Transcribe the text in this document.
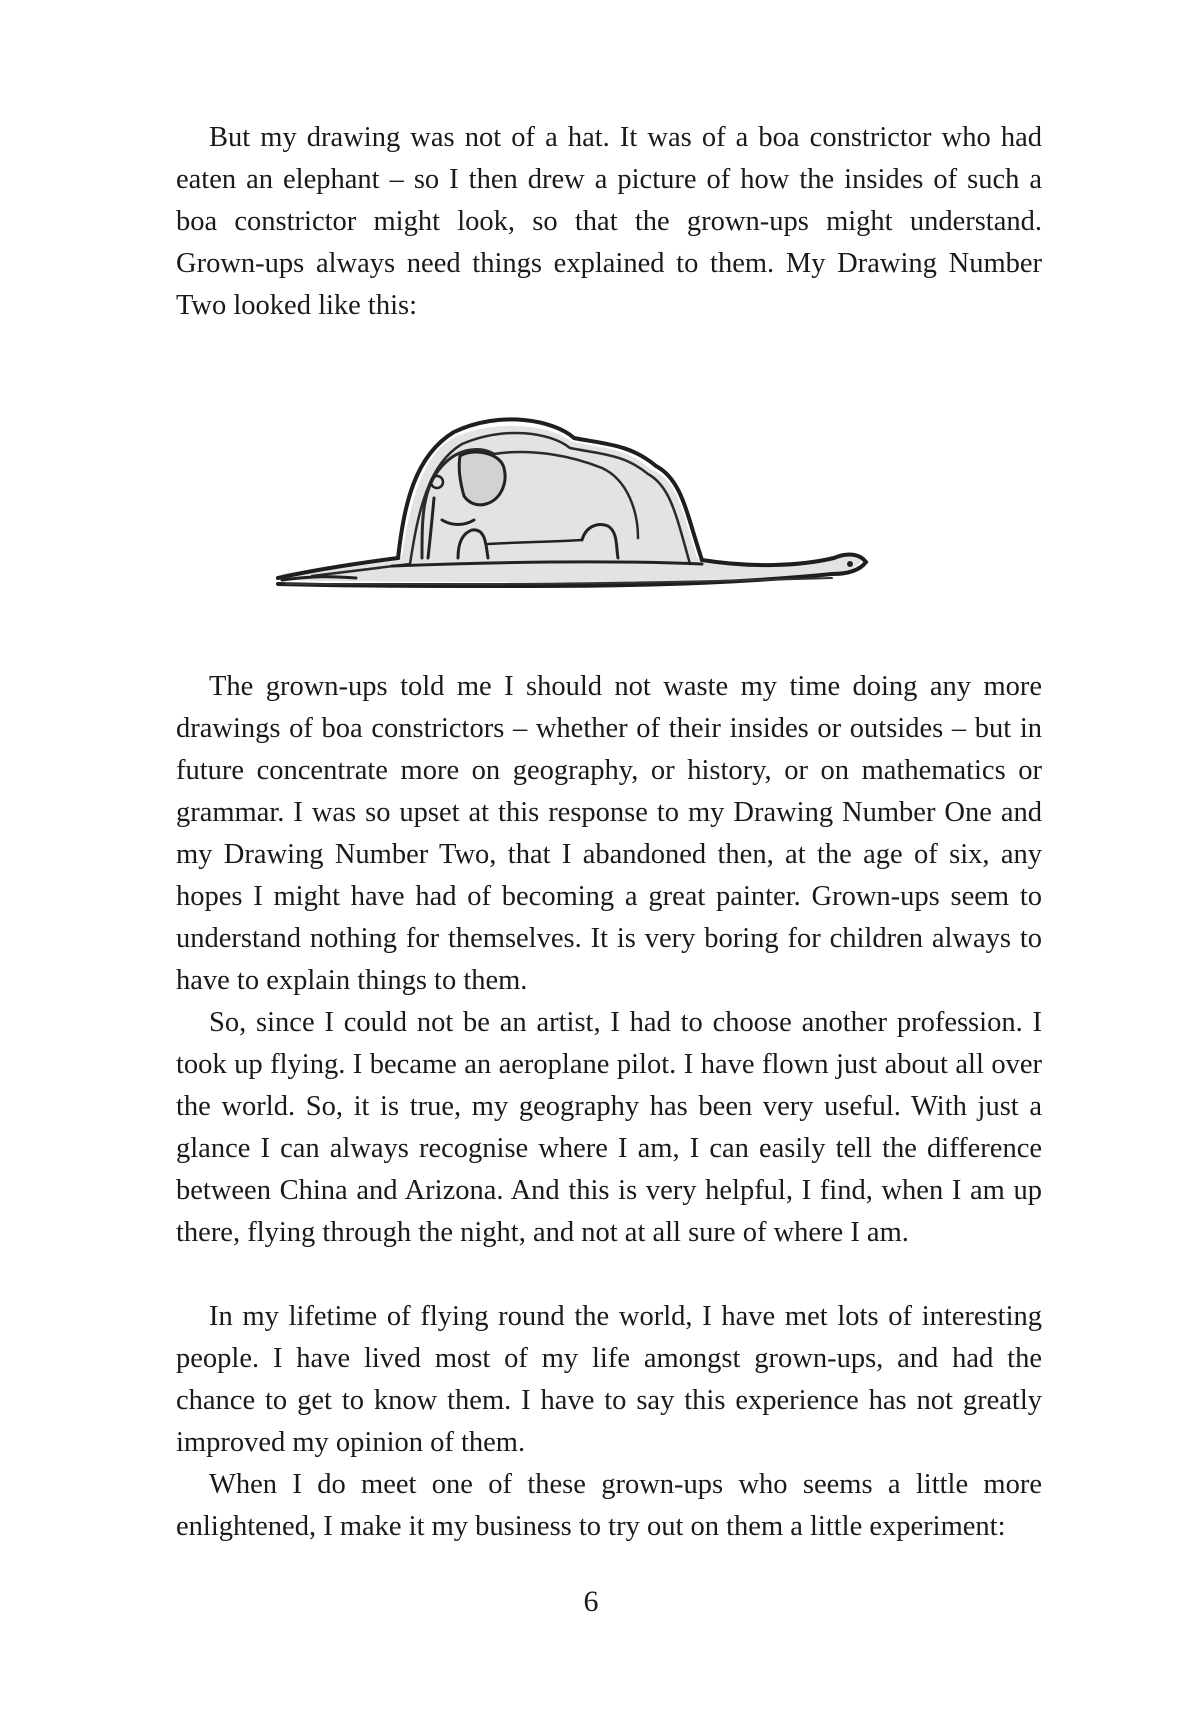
But my drawing was not of a hat. It was of a boa constrictor who had eaten an elephant – so I then drew a picture of how the insides of such a boa constrictor might look, so that the grown-ups might understand. Grown-ups always need things explained to them. My Drawing Number Two looked like this:

The grown-ups told me I should not waste my time doing any more drawings of boa constrictors – whether of their insides or outsides – but in future concentrate more on geography, or history, or on mathematics or grammar. I was so upset at this response to my Drawing Number One and my Drawing Number Two, that I abandoned then, at the age of six, any hopes I might have had of becoming a great painter. Grown-ups seem to understand nothing for themselves. It is very boring for children always to have to explain things to them.

So, since I could not be an artist, I had to choose another profession. I took up flying. I became an aeroplane pilot. I have flown just about all over the world. So, it is true, my geography has been very useful. With just a glance I can always recognise where I am, I can easily tell the difference between China and Arizona. And this is very helpful, I find, when I am up there, flying through the night, and not at all sure of where I am.

In my lifetime of flying round the world, I have met lots of interesting people. I have lived most of my life amongst grown-ups, and had the chance to get to know them. I have to say this experience has not greatly improved my opinion of them.

When I do meet one of these grown-ups who seems a little more enlightened, I make it my business to try out on them a little experiment:

6
